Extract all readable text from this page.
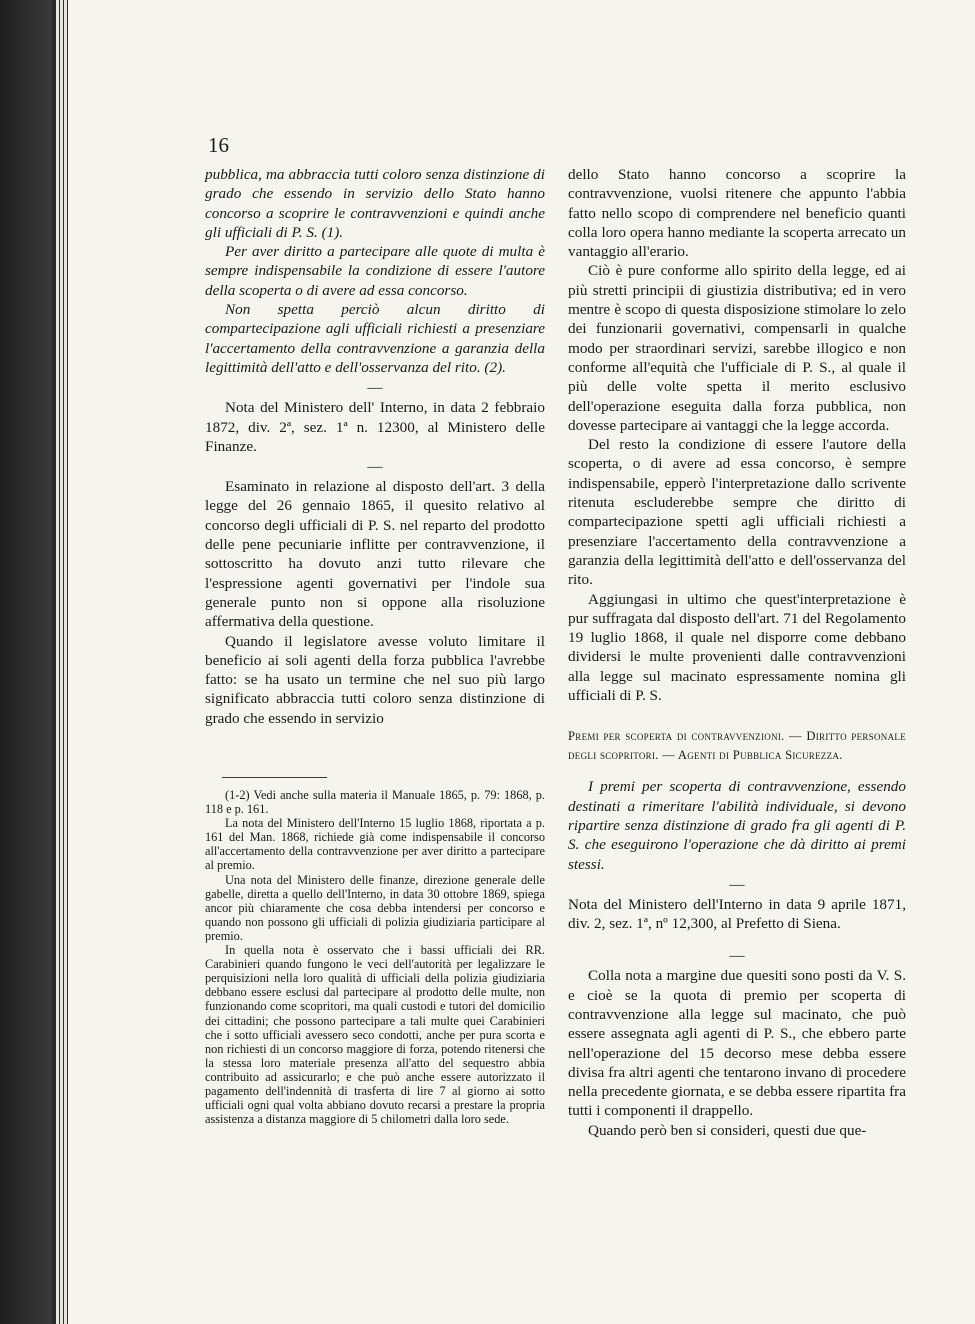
16

pubblica, ma abbraccia tutti coloro senza distinzione di grado che essendo in servizio dello Stato hanno concorso a scoprire le contravvenzioni e quindi anche gli ufficiali di P. S. (1).

Per aver diritto a partecipare alle quote di multa è sempre indispensabile la condizione di essere l'autore della scoperta o di avere ad essa concorso.

Non spetta perciò alcun diritto di compartecipazione agli ufficiali richiesti a presenziare l'accertamento della contravvenzione a garanzia della legittimità dell'atto e dell'osservanza del rito. (2).

—

Nota del Ministero dell' Interno, in data 2 febbraio 1872, div. 2ª, sez. 1ª n. 12300, al Ministero delle Finanze.

—

Esaminato in relazione al disposto dell'art. 3 della legge del 26 gennaio 1865, il quesito relativo al concorso degli ufficiali di P. S. nel reparto del prodotto delle pene pecuniarie inflitte per contravvenzione, il sottoscritto ha dovuto anzi tutto rilevare che l'espressione agenti governativi per l'indole sua generale punto non si oppone alla risoluzione affermativa della questione.

Quando il legislatore avesse voluto limitare il beneficio ai soli agenti della forza pubblica l'avrebbe fatto: se ha usato un termine che nel suo più largo significato abbraccia tutti coloro senza distinzione di grado che essendo in servizio

(1-2) Vedi anche sulla materia il Manuale 1865, p. 79: 1868, p. 118 e p. 161.

La nota del Ministero dell'Interno 15 luglio 1868, riportata a p. 161 del Man. 1868, richiede già come indispensabile il concorso all'accertamento della contravvenzione per aver diritto a partecipare al premio.

Una nota del Ministero delle finanze, direzione generale delle gabelle, diretta a quello dell'Interno, in data 30 ottobre 1869, spiega ancor più chiaramente che cosa debba intendersi per concorso e quando non possono gli ufficiali di polizia giudiziaria participare al premio.

In quella nota è osservato che i bassi ufficiali dei RR. Carabinieri quando fungono le veci dell'autorità per legalizzare le perquisizioni nella loro qualità di ufficiali della polizia giudiziaria debbano essere esclusi dal partecipare al prodotto delle multe, non funzionando come scopritori, ma quali custodi e tutori del domicilio dei cittadini; che possono partecipare a tali multe quei Carabinieri che i sotto ufficiali avessero seco condotti, anche per pura scorta e non richiesti di un concorso maggiore di forza, potendo ritenersi che la stessa loro materiale presenza all'atto del sequestro abbia contribuito ad assicurarlo; e che può anche essere autorizzato il pagamento dell'indennità di trasferta di lire 7 al giorno ai sotto ufficiali ogni qual volta abbiano dovuto recarsi a prestare la propria assistenza a distanza maggiore di 5 chilometri dalla loro sede.

dello Stato hanno concorso a scoprire la contravvenzione, vuolsi ritenere che appunto l'abbia fatto nello scopo di comprendere nel beneficio quanti colla loro opera hanno mediante la scoperta arrecato un vantaggio all'erario.

Ciò è pure conforme allo spirito della legge, ed ai più stretti principii di giustizia distributiva; ed in vero mentre è scopo di questa disposizione stimolare lo zelo dei funzionarii governativi, compensarli in qualche modo per straordinari servizi, sarebbe illogico e non conforme all'equità che l'ufficiale di P. S., al quale il più delle volte spetta il merito esclusivo dell'operazione eseguita dalla forza pubblica, non dovesse partecipare ai vantaggi che la legge accorda.

Del resto la condizione di essere l'autore della scoperta, o di avere ad essa concorso, è sempre indispensabile, epperò l'interpretazione dallo scrivente ritenuta escluderebbe sempre che diritto di compartecipazione spetti agli ufficiali richiesti a presenziare l'accertamento della contravvenzione a garanzia della legittimità dell'atto e dell'osservanza del rito.

Aggiungasi in ultimo che quest'interpretazione è pur suffragata dal disposto dell'art. 71 del Regolamento 19 luglio 1868, il quale nel disporre come debbano dividersi le multe provenienti dalle contravvenzioni alla legge sul macinato espressamente nomina gli ufficiali di P. S.

Premi per scoperta di contravvenzioni. — Diritto personale degli scopritori. — Agenti di Pubblica Sicurezza.

I premi per scoperta di contravvenzione, essendo destinati a rimeritare l'abilità individuale, si devono ripartire senza distinzione di grado fra gli agenti di P. S. che eseguirono l'operazione che dà diritto ai premi stessi.

—

Nota del Ministero dell'Interno in data 9 aprile 1871, div. 2, sez. 1ª, nº 12,300, al Prefetto di Siena.

—

Colla nota a margine due quesiti sono posti da V. S. e cioè se la quota di premio per scoperta di contravvenzione alla legge sul macinato, che può essere assegnata agli agenti di P. S., che ebbero parte nell'operazione del 15 decorso mese debba essere divisa fra altri agenti che tentarono invano di procedere nella precedente giornata, e se debba essere ripartita fra tutti i componenti il drappello.

Quando però ben si consideri, questi due que-
